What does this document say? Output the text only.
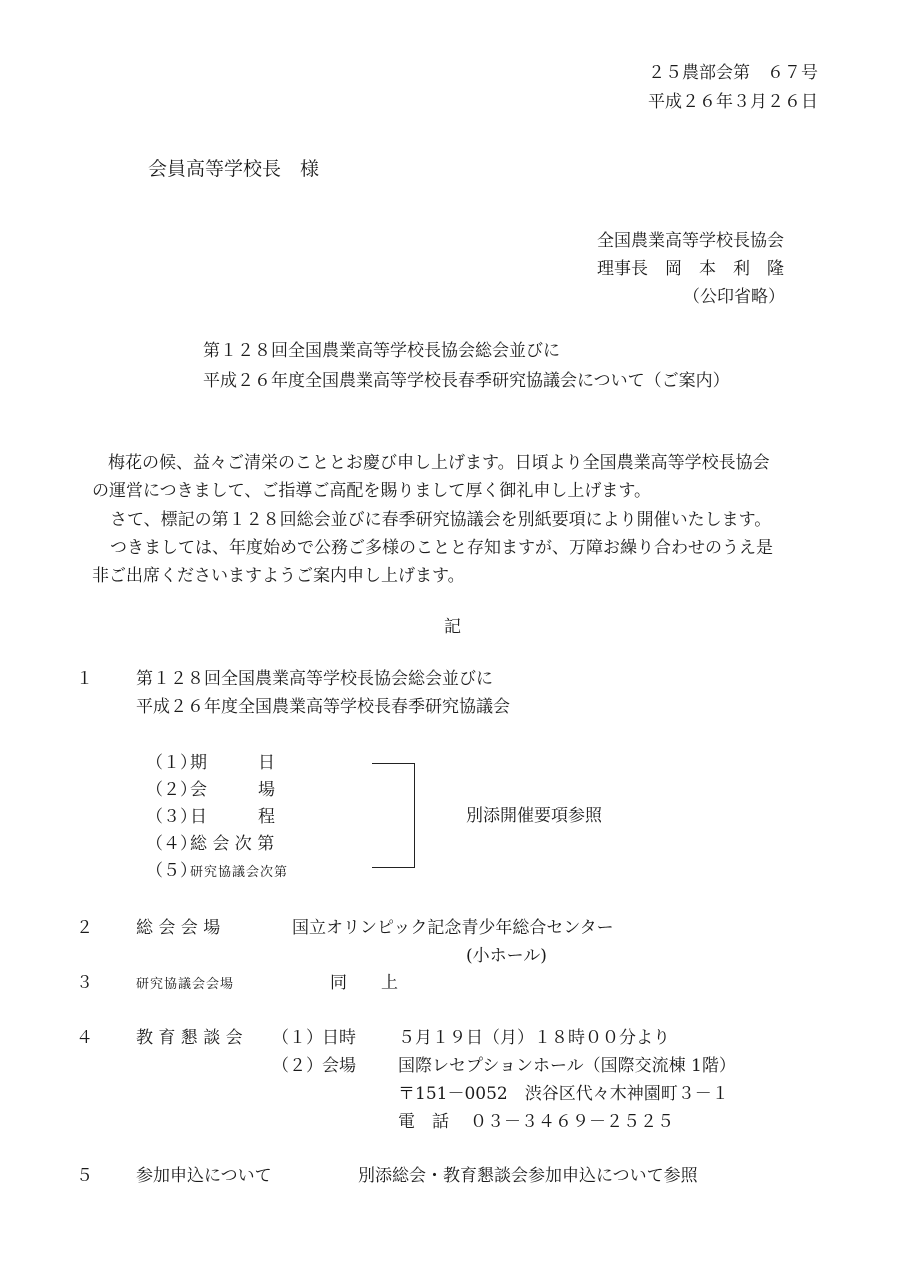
２５農部会第　６７号
平成２６年３月２６日
会員高等学校長　様
全国農業高等学校長協会
理事長　岡　本　利　隆
（公印省略）
第１２８回全国農業高等学校長協会総会並びに
平成２６年度全国農業高等学校長春季研究協議会について（ご案内）
梅花の候、益々ご清栄のこととお慶び申し上げます。日頃より全国農業高等学校長協会
の運営につきまして、ご指導ご高配を賜りまして厚く御礼申し上げます。
さて、標記の第１２８回総会並びに春季研究協議会を別紙要項により開催いたします。
つきましては、年度始めで公務ご多様のことと存知ますが、万障お繰り合わせのうえ是
非ご出席くださいますようご案内申し上げます。
記
１	第１２８回全国農業高等学校長協会総会並びに
平成２６年度全国農業高等学校長春季研究協議会
（１）
期　　　日
（２）
会　　　場
（３）
日　　　程
（４）
総 会 次 第
（５）
研究協議会次第
別添開催要項参照
２	総 会 会 場	国立オリンピック記念青少年総合センター
(小ホール)
３	研究協議会会場	同　　上
４	教 育 懇 談 会 （１） 日時 ５月１９日（月）１８時００分より
（２） 会場 国際レセプションホール（国際交流棟 1階）
〒151－0052　渋谷区代々木神園町３－１
電　話 ０３－３４６９－２５２５
５	参加申込について	別添総会・教育懇談会参加申込について参照
